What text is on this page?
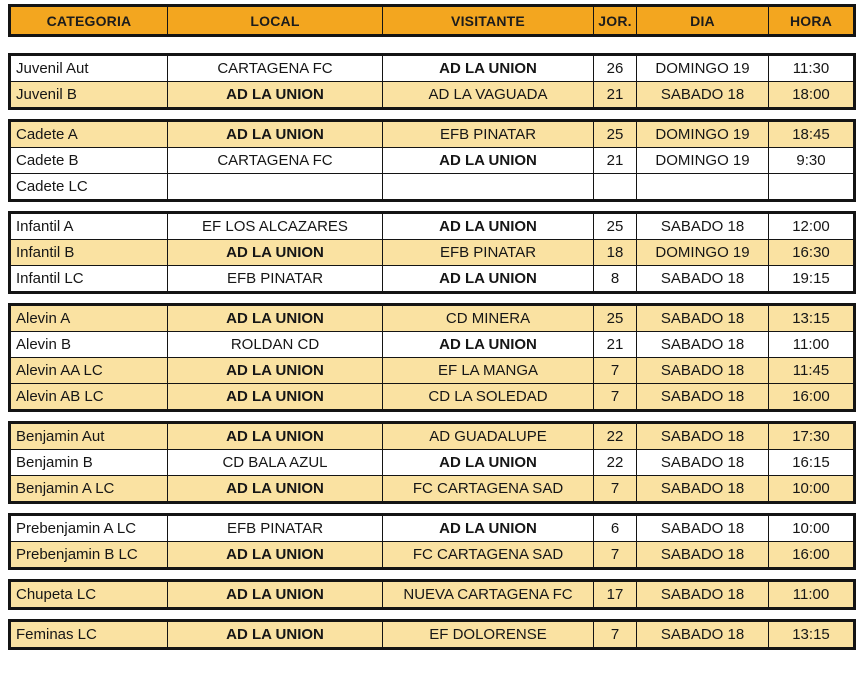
CATEGORIA	LOCAL	VISITANTE	JOR.	DIA	HORA
Juvenil Aut	CARTAGENA FC	AD LA UNION	26	DOMINGO 19	11:30
Juvenil B	AD LA UNION	AD LA VAGUADA	21	SABADO 18	18:00
Cadete A	AD LA UNION	EFB PINATAR	25	DOMINGO 19	18:45
Cadete B	CARTAGENA FC	AD LA UNION	21	DOMINGO 19	9:30
Cadete LC					
Infantil A	EF LOS ALCAZARES	AD LA UNION	25	SABADO 18	12:00
Infantil B	AD LA UNION	EFB PINATAR	18	DOMINGO 19	16:30
Infantil LC	EFB PINATAR	AD LA UNION	8	SABADO 18	19:15
Alevin A	AD LA UNION	CD MINERA	25	SABADO 18	13:15
Alevin B	ROLDAN CD	AD LA UNION	21	SABADO 18	11:00
Alevin AA LC	AD LA UNION	EF LA MANGA	7	SABADO 18	11:45
Alevin AB LC	AD LA UNION	CD LA SOLEDAD	7	SABADO 18	16:00
Benjamin Aut	AD LA UNION	AD GUADALUPE	22	SABADO 18	17:30
Benjamin B	CD BALA AZUL	AD LA UNION	22	SABADO 18	16:15
Benjamin A LC	AD LA UNION	FC CARTAGENA SAD	7	SABADO 18	10:00
Prebenjamin A LC	EFB PINATAR	AD LA UNION	6	SABADO 18	10:00
Prebenjamin B LC	AD LA UNION	FC CARTAGENA SAD	7	SABADO 18	16:00
Chupeta LC	AD LA UNION	NUEVA CARTAGENA FC	17	SABADO 18	11:00
Feminas LC	AD LA UNION	EF DOLORENSE	7	SABADO 18	13:15
